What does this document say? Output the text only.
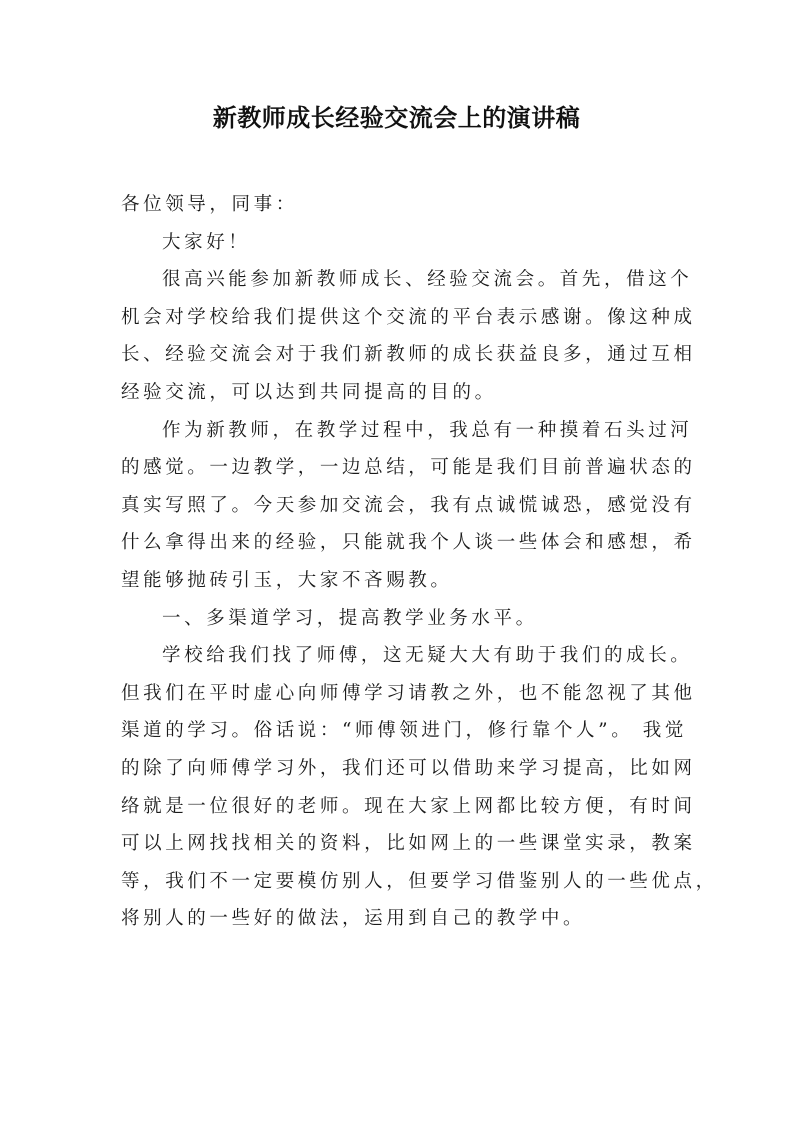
新教师成长经验交流会上的演讲稿
各位领导，同事：
大家好！
很高兴能参加新教师成长、经验交流会。首先，借这个
机会对学校给我们提供这个交流的平台表示感谢。像这种成
长、经验交流会对于我们新教师的成长获益良多，通过互相
经验交流，可以达到共同提高的目的。
作为新教师，在教学过程中，我总有一种摸着石头过河
的感觉。一边教学，一边总结，可能是我们目前普遍状态的
真实写照了。今天参加交流会，我有点诚慌诚恐，感觉没有
什么拿得出来的经验，只能就我个人谈一些体会和感想，希
望能够抛砖引玉，大家不吝赐教。
一、多渠道学习，提高教学业务水平。
学校给我们找了师傅，这无疑大大有助于我们的成长。
但我们在平时虚心向师傅学习请教之外，也不能忽视了其他
渠道的学习。俗话说：“师傅领进门，修行靠个人”。 我觉
的除了向师傅学习外，我们还可以借助来学习提高，比如网
络就是一位很好的老师。现在大家上网都比较方便，有时间
可以上网找找相关的资料，比如网上的一些课堂实录，教案
等，我们不一定要模仿别人，但要学习借鉴别人的一些优点，
将别人的一些好的做法，运用到自己的教学中。
